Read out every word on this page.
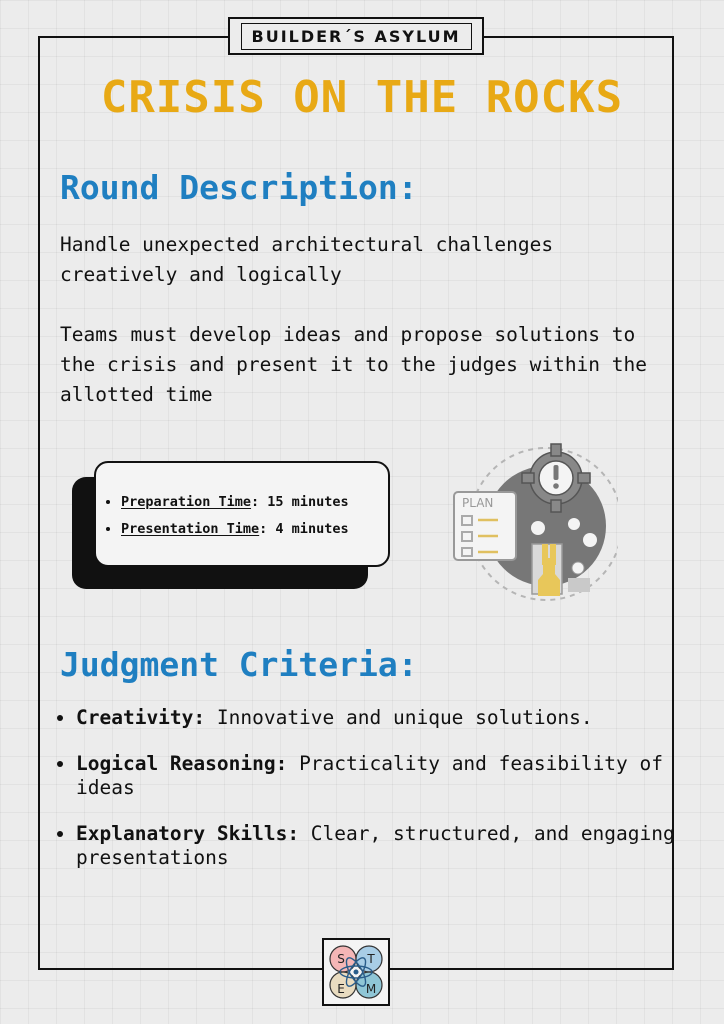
BUILDER´S ASYLUM
CRISIS ON THE ROCKS
Round Description:

Handle unexpected architectural challenges creatively and logically

Teams must develop ideas and propose solutions to the crisis and present it to the judges within the allotted time

• Preparation Time: 15 minutes
• Presentation Time: 4 minutes
PLAN
Judgment Criteria:
• Creativity: Innovative and unique solutions.
• Logical Reasoning: Practicality and feasibility of ideas
• Explanatory Skills: Clear, structured, and engaging presentations
S T
E M
